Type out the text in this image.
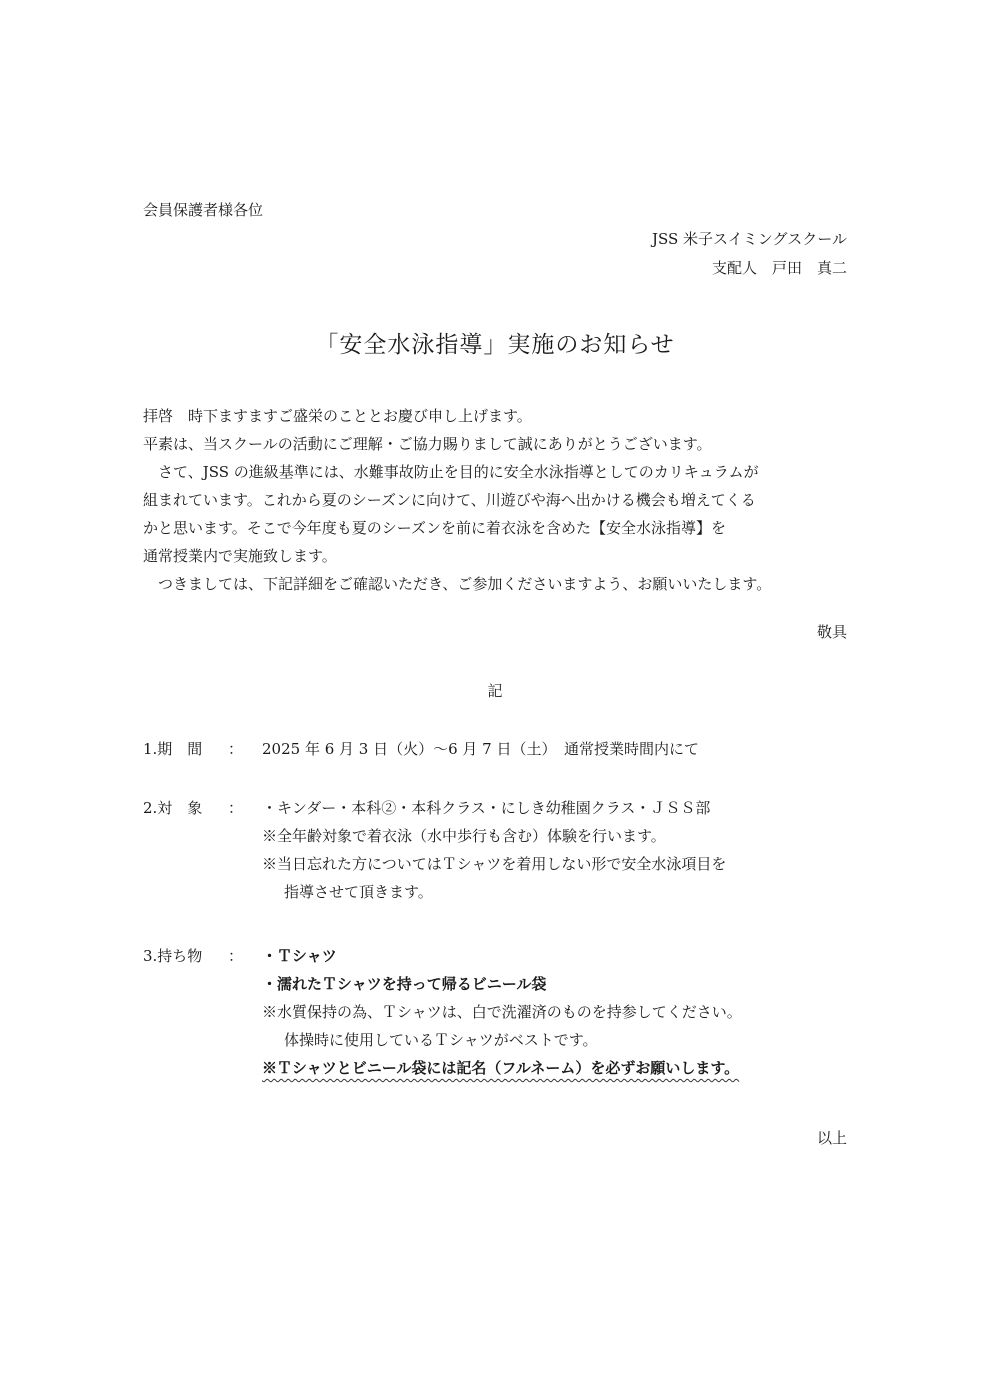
会員保護者様各位
JSS 米子スイミングスクール
支配人　戸田　真二
「安全水泳指導」実施のお知らせ
拝啓　時下ますますご盛栄のこととお慶び申し上げます。
平素は、当スクールの活動にご理解・ご協力賜りまして誠にありがとうございます。
さて、JSS の進級基準には、水難事故防止を目的に安全水泳指導としてのカリキュラムが
組まれています。これから夏のシーズンに向けて、川遊びや海へ出かける機会も増えてくる
かと思います。そこで今年度も夏のシーズンを前に着衣泳を含めた【安全水泳指導】を
通常授業内で実施致します。
つきましては、下記詳細をご確認いただき、ご参加くださいますよう、お願いいたします。
敬具
記
1.期　間 ： 2025 年 6 月 3 日（火）～6 月 7 日（土）　通常授業時間内にて
2.対　象 ： ・キンダー・本科②・本科クラス・にしき幼稚園クラス・ＪＳＳ部
※全年齢対象で着衣泳（水中歩行も含む）体験を行います。
※当日忘れた方についてはＴシャツを着用しない形で安全水泳項目を
指導させて頂きます。
3.持ち物 ： ・Ｔシャツ
・濡れたＴシャツを持って帰るビニール袋
※水質保持の為、Ｔシャツは、白で洗濯済のものを持参してください。
体操時に使用しているＴシャツがベストです。
※Ｔシャツとビニール袋には記名（フルネーム）を必ずお願いします。
以上
